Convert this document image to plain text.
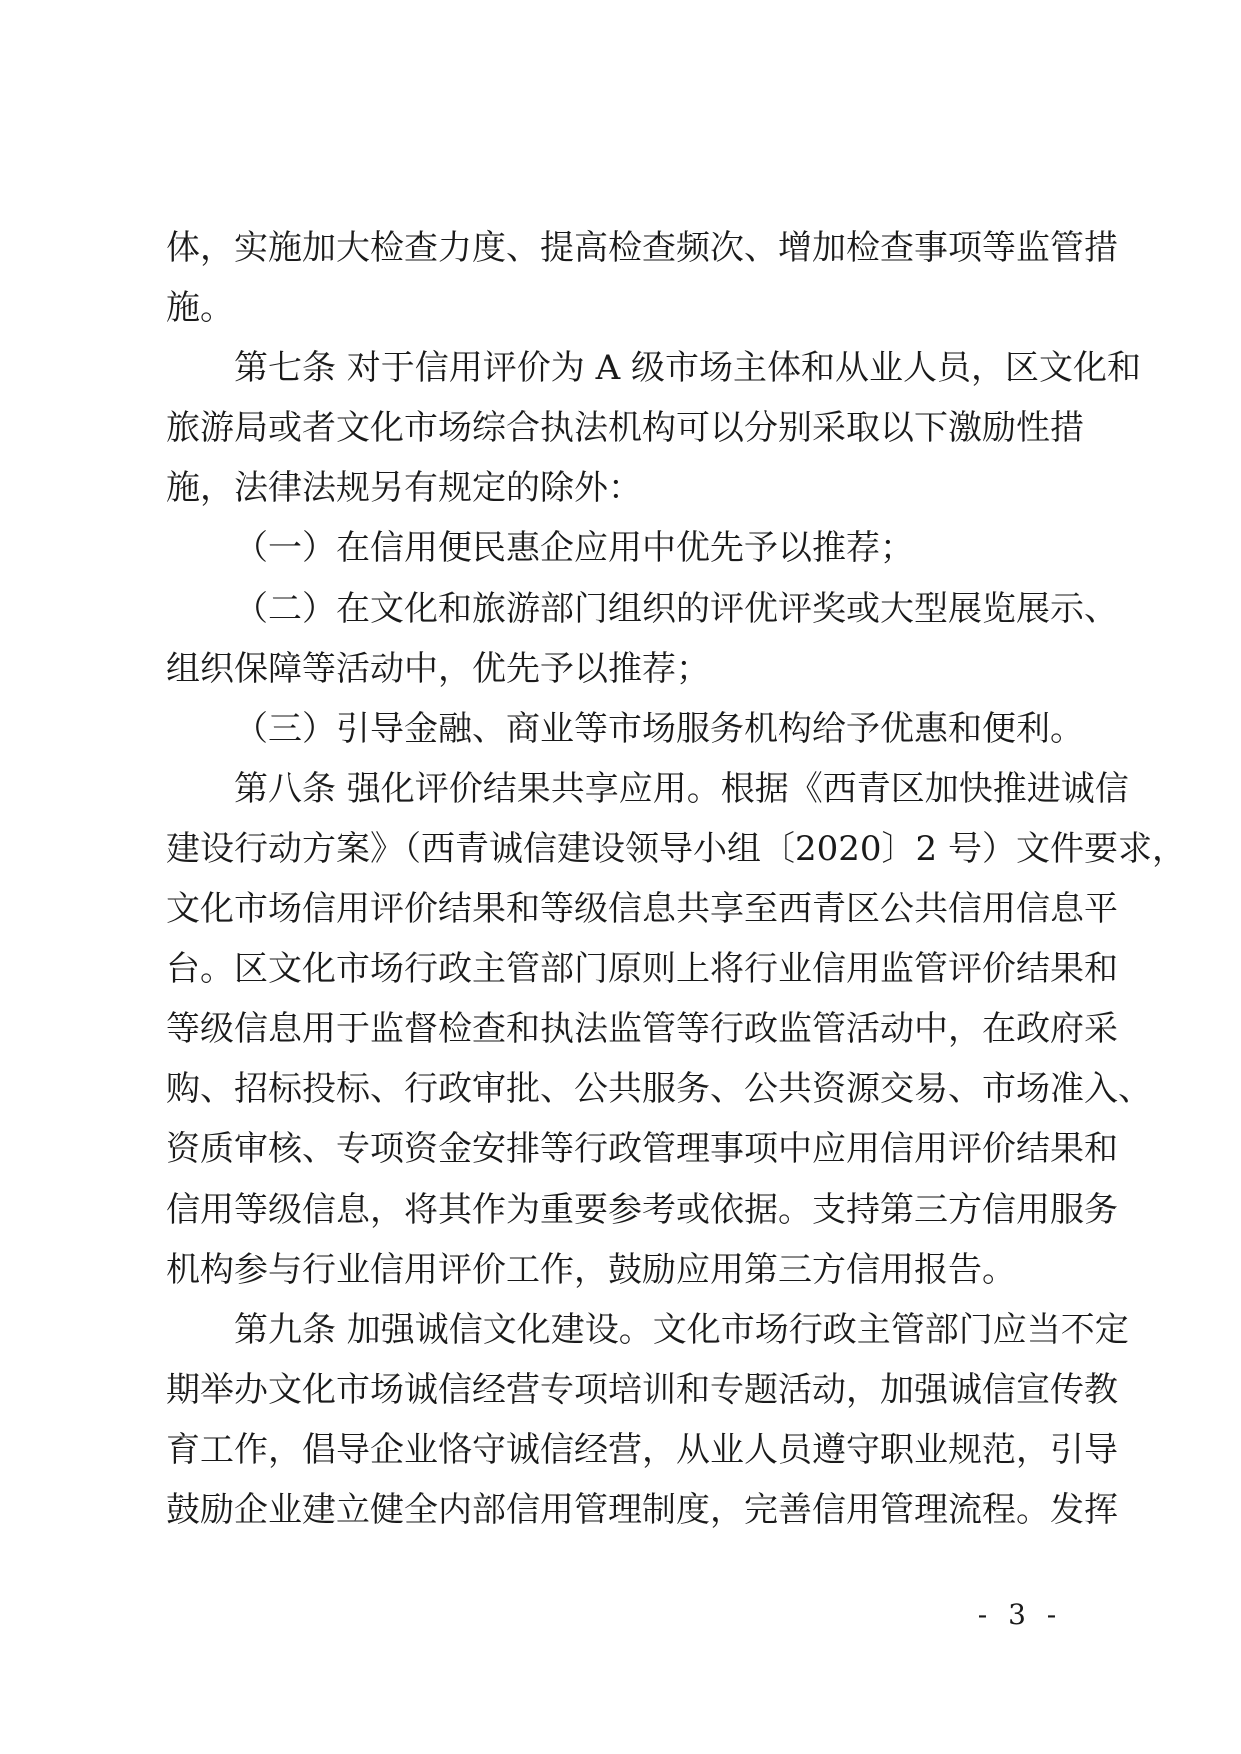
体，实施加大检查力度、提高检查频次、增加检查事项等监管措
施。
第七条 对于信用评价为 A 级市场主体和从业人员，区文化和
旅游局或者文化市场综合执法机构可以分别采取以下激励性措
施，法律法规另有规定的除外：
（一）在信用便民惠企应用中优先予以推荐；
（二）在文化和旅游部门组织的评优评奖或大型展览展示、
组织保障等活动中，优先予以推荐；
（三）引导金融、商业等市场服务机构给予优惠和便利。
第八条 强化评价结果共享应用。根据《西青区加快推进诚信
建设行动方案》（西青诚信建设领导小组〔2020〕2 号）文件要求，
文化市场信用评价结果和等级信息共享至西青区公共信用信息平
台。区文化市场行政主管部门原则上将行业信用监管评价结果和
等级信息用于监督检查和执法监管等行政监管活动中，在政府采
购、招标投标、行政审批、公共服务、公共资源交易、市场准入、
资质审核、专项资金安排等行政管理事项中应用信用评价结果和
信用等级信息，将其作为重要参考或依据。支持第三方信用服务
机构参与行业信用评价工作，鼓励应用第三方信用报告。
第九条 加强诚信文化建设。文化市场行政主管部门应当不定
期举办文化市场诚信经营专项培训和专题活动，加强诚信宣传教
育工作，倡导企业恪守诚信经营，从业人员遵守职业规范，引导
鼓励企业建立健全内部信用管理制度，完善信用管理流程。发挥
- 3 -
